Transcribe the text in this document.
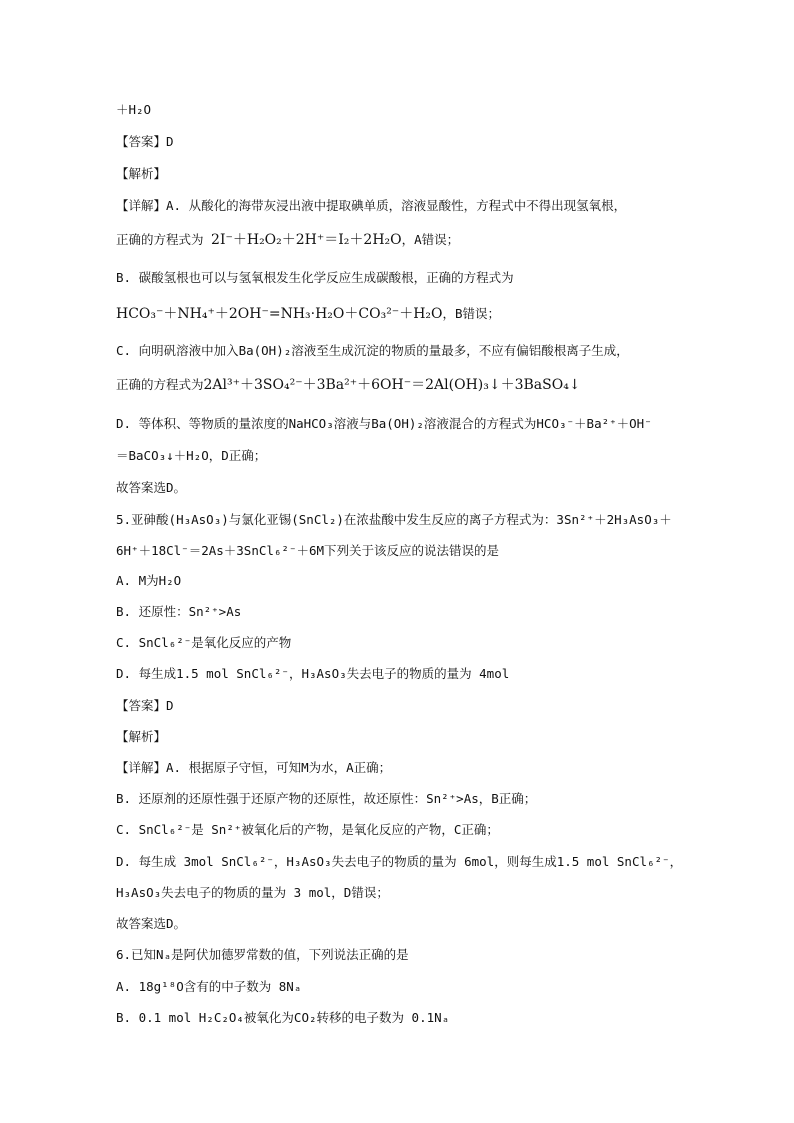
＋H₂O
【答案】D
【解析】
【详解】A. 从酸化的海带灰浸出液中提取碘单质，溶液显酸性，方程式中不得出现氢氧根，
正确的方程式为 2I⁻＋H₂O₂＋2H⁺＝I₂＋2H₂O，A错误；
B. 碳酸氢根也可以与氢氧根发生化学反应生成碳酸根，正确的方程式为
HCO₃⁻＋NH₄⁺＋2OH⁻=NH₃·H₂O＋CO₃²⁻＋H₂O，B错误；
C. 向明矾溶液中加入Ba(OH)₂溶液至生成沉淀的物质的量最多，不应有偏铝酸根离子生成，
正确的方程式为2Al³⁺＋3SO₄²⁻＋3Ba²⁺＋6OH⁻＝2Al(OH)₃↓＋3BaSO₄↓
D. 等体积、等物质的量浓度的NaHCO₃溶液与Ba(OH)₂溶液混合的方程式为HCO₃⁻＋Ba²⁺＋OH⁻
＝BaCO₃↓＋H₂O，D正确；
故答案选D。
5.亚砷酸(H₃AsO₃)与氯化亚锡(SnCl₂)在浓盐酸中发生反应的离子方程式为：3Sn²⁺＋2H₃AsO₃＋
6H⁺＋18Cl⁻＝2As＋3SnCl₆²⁻＋6M下列关于该反应的说法错误的是
A. M为H₂O
B. 还原性：Sn²⁺>As
C. SnCl₆²⁻是氧化反应的产物
D. 每生成1.5 mol SnCl₆²⁻，H₃AsO₃失去电子的物质的量为 4mol
【答案】D
【解析】
【详解】A. 根据原子守恒，可知M为水，A正确；
B. 还原剂的还原性强于还原产物的还原性，故还原性：Sn²⁺>As，B正确；
C. SnCl₆²⁻是 Sn²⁺被氧化后的产物，是氧化反应的产物，C正确；
D. 每生成 3mol SnCl₆²⁻，H₃AsO₃失去电子的物质的量为 6mol，则每生成1.5 mol SnCl₆²⁻，
H₃AsO₃失去电子的物质的量为 3 mol，D错误；
故答案选D。
6.已知Nₐ是阿伏加德罗常数的值，下列说法正确的是
A. 18g¹⁸O含有的中子数为 8Nₐ
B. 0.1 mol H₂C₂O₄被氧化为CO₂转移的电子数为 0.1Nₐ
